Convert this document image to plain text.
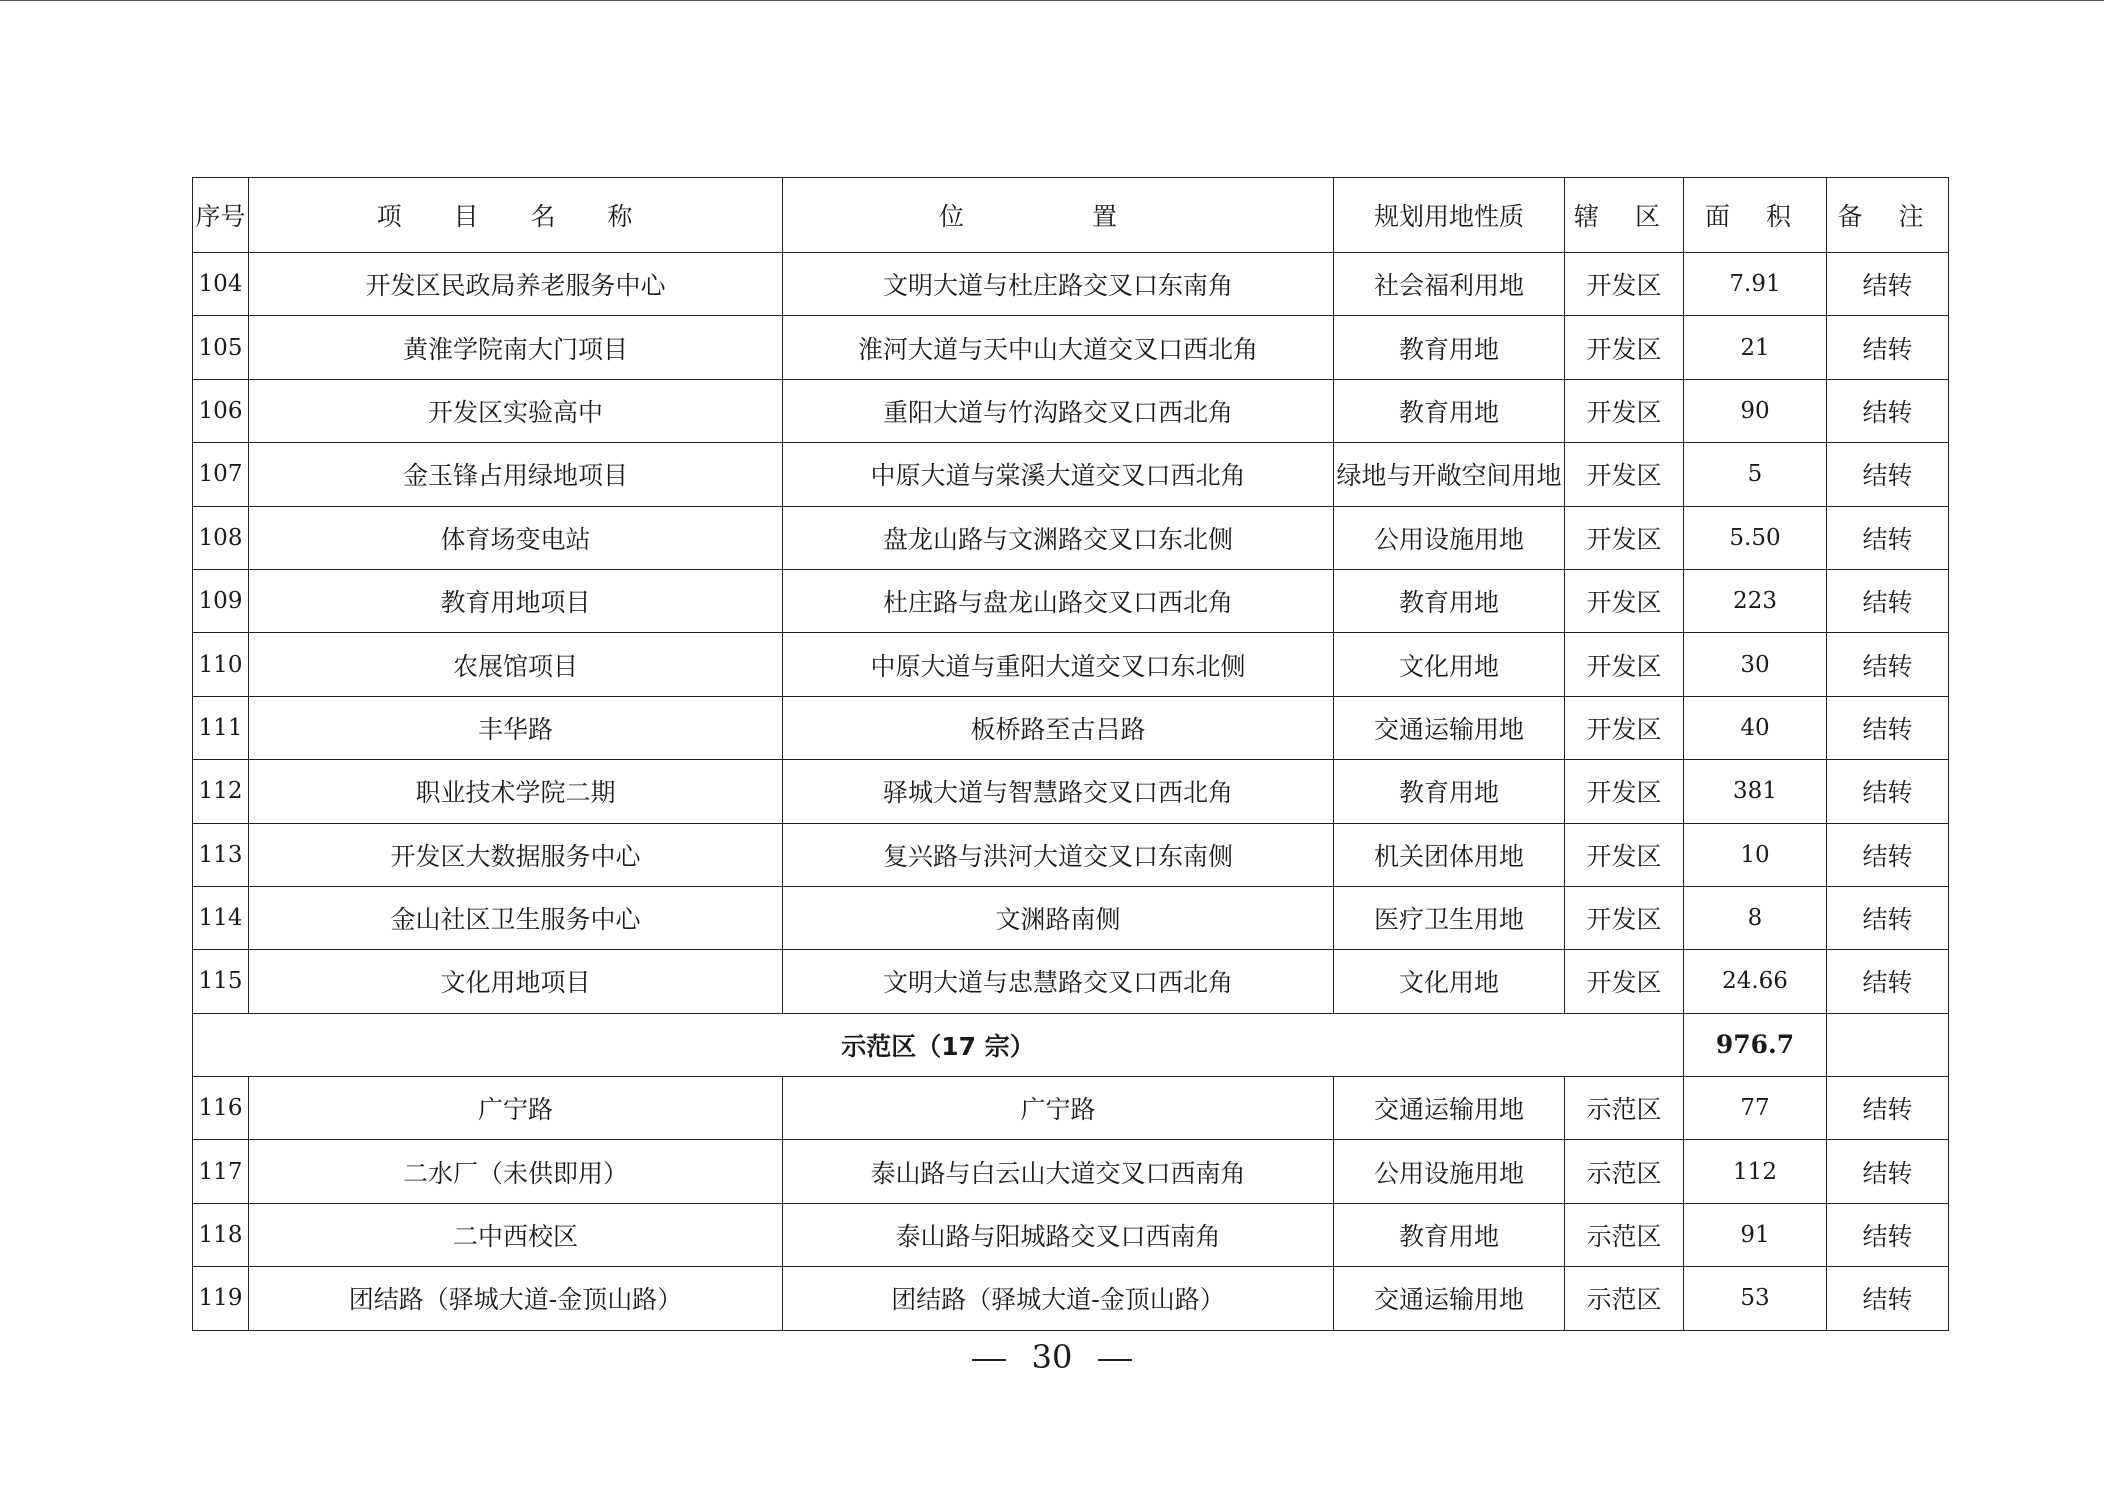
序号	项 目 名 称	位 置	规划用地性质	辖 区	面 积	备 注
104	开发区民政局养老服务中心	文明大道与杜庄路交叉口东南角	社会福利用地	开发区	7.91	结转
105	黄淮学院南大门项目	淮河大道与天中山大道交叉口西北角	教育用地	开发区	21	结转
106	开发区实验高中	重阳大道与竹沟路交叉口西北角	教育用地	开发区	90	结转
107	金玉锋占用绿地项目	中原大道与棠溪大道交叉口西北角	绿地与开敞空间用地	开发区	5	结转
108	体育场变电站	盘龙山路与文渊路交叉口东北侧	公用设施用地	开发区	5.50	结转
109	教育用地项目	杜庄路与盘龙山路交叉口西北角	教育用地	开发区	223	结转
110	农展馆项目	中原大道与重阳大道交叉口东北侧	文化用地	开发区	30	结转
111	丰华路	板桥路至古吕路	交通运输用地	开发区	40	结转
112	职业技术学院二期	驿城大道与智慧路交叉口西北角	教育用地	开发区	381	结转
113	开发区大数据服务中心	复兴路与洪河大道交叉口东南侧	机关团体用地	开发区	10	结转
114	金山社区卫生服务中心	文渊路南侧	医疗卫生用地	开发区	8	结转
115	文化用地项目	文明大道与忠慧路交叉口西北角	文化用地	开发区	24.66	结转
示范区（17 宗）					976.7	
116	广宁路	广宁路	交通运输用地	示范区	77	结转
117	二水厂（未供即用）	泰山路与白云山大道交叉口西南角	公用设施用地	示范区	112	结转
118	二中西校区	泰山路与阳城路交叉口西南角	教育用地	示范区	91	结转
119	团结路（驿城大道-金顶山路）	团结路（驿城大道-金顶山路）	交通运输用地	示范区	53	结转
30
